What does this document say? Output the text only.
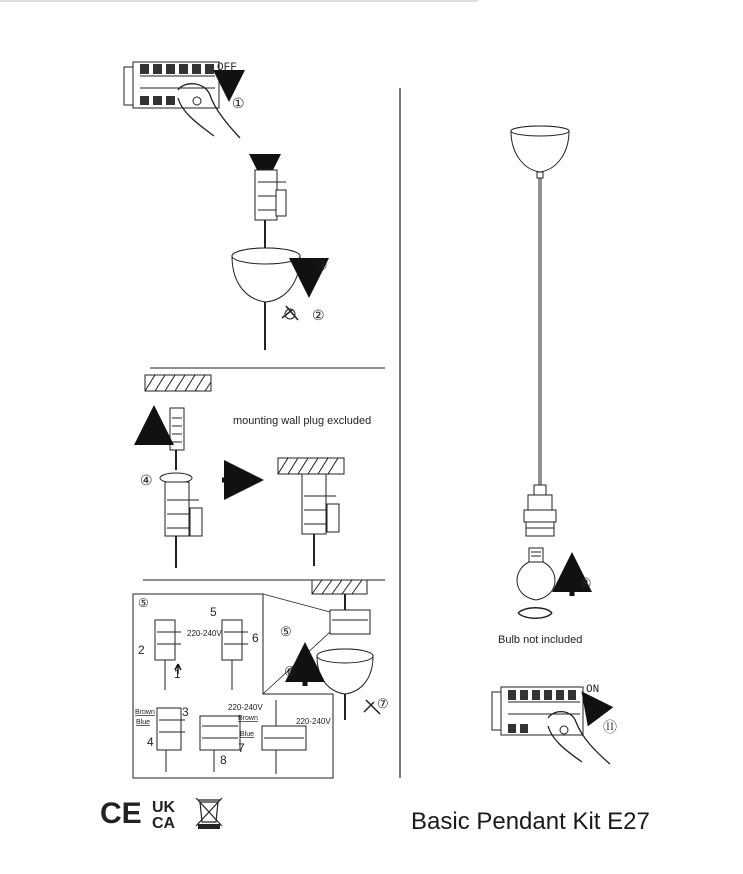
OFF
①
③
②
④
mounting wall plug excluded
⑤
1
2
3
4
5
6
7
8
220-240V
220-240V
220-240V
Brown
Blue
Brown
Blue
⑤
⑥
⑦
⑧
Bulb not included
ON
⑪
CE UK
CA	Basic Pendant Kit E27
